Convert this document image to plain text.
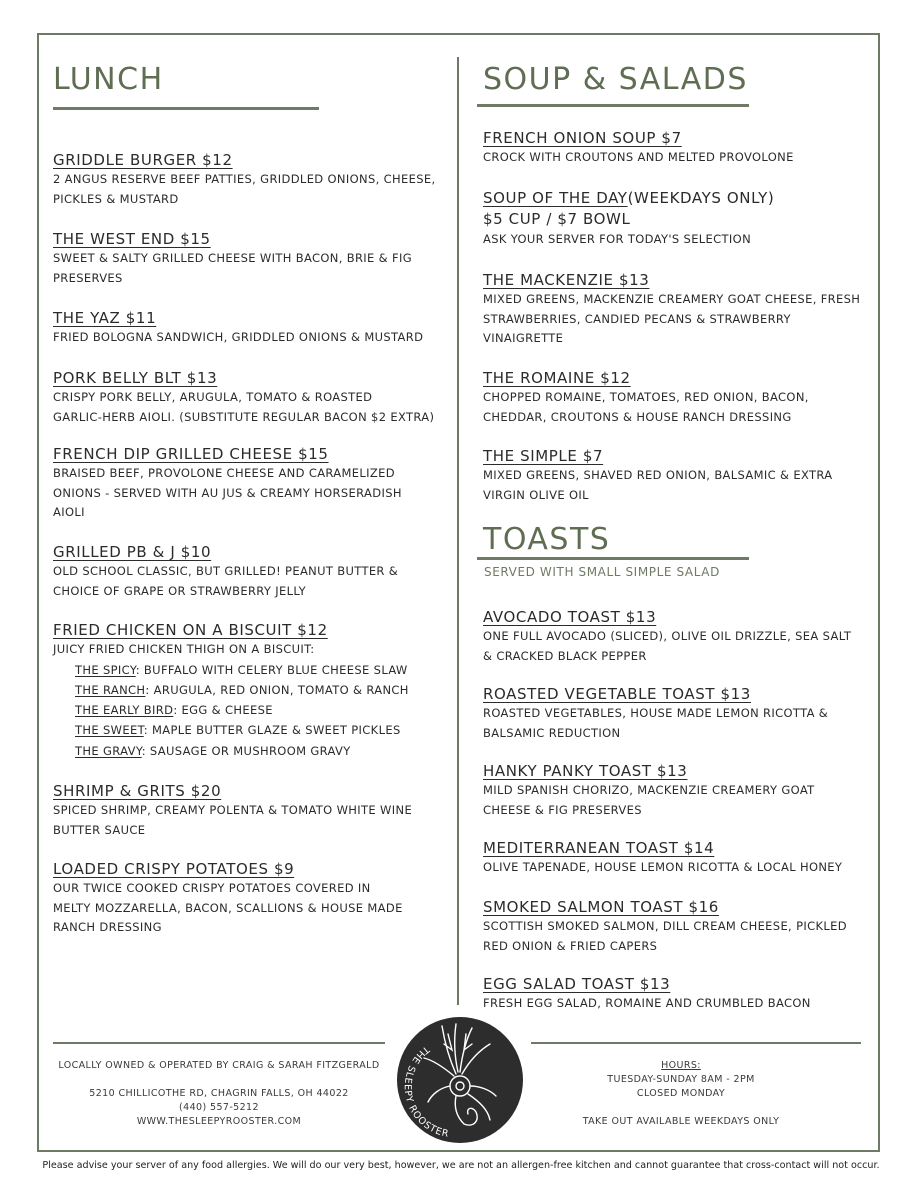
LUNCH
GRIDDLE BURGER $12
2 ANGUS RESERVE BEEF PATTIES, GRIDDLED ONIONS, CHEESE,
PICKLES & MUSTARD
THE WEST END $15
SWEET & SALTY GRILLED CHEESE WITH BACON, BRIE & FIG
PRESERVES
THE YAZ $11
FRIED BOLOGNA SANDWICH, GRIDDLED ONIONS & MUSTARD
PORK BELLY BLT $13
CRISPY PORK BELLY, ARUGULA, TOMATO & ROASTED
GARLIC-HERB AIOLI. (SUBSTITUTE REGULAR BACON $2 EXTRA)
FRENCH DIP GRILLED CHEESE $15
BRAISED BEEF, PROVOLONE CHEESE AND CARAMELIZED
ONIONS - SERVED WITH AU JUS & CREAMY HORSERADISH
AIOLI
GRILLED PB & J $10
OLD SCHOOL CLASSIC, BUT GRILLED! PEANUT BUTTER &
CHOICE OF GRAPE OR STRAWBERRY JELLY
FRIED CHICKEN ON A BISCUIT $12
JUICY FRIED CHICKEN THIGH ON A BISCUIT:
THE SPICY: BUFFALO WITH CELERY BLUE CHEESE SLAW
THE RANCH: ARUGULA, RED ONION, TOMATO & RANCH
THE EARLY BIRD: EGG & CHEESE
THE SWEET: MAPLE BUTTER GLAZE & SWEET PICKLES
THE GRAVY: SAUSAGE OR MUSHROOM GRAVY
SHRIMP & GRITS $20
SPICED SHRIMP, CREAMY POLENTA & TOMATO WHITE WINE
BUTTER SAUCE
LOADED CRISPY POTATOES $9
OUR TWICE COOKED CRISPY POTATOES COVERED IN
MELTY MOZZARELLA, BACON, SCALLIONS & HOUSE MADE
RANCH DRESSING
SOUP & SALADS
FRENCH ONION SOUP $7
CROCK WITH CROUTONS AND MELTED PROVOLONE
SOUP OF THE DAY(WEEKDAYS ONLY)
$5 CUP / $7 BOWL
ASK YOUR SERVER FOR TODAY'S SELECTION
THE MACKENZIE $13
MIXED GREENS, MACKENZIE CREAMERY GOAT CHEESE, FRESH
STRAWBERRIES, CANDIED PECANS & STRAWBERRY
VINAIGRETTE
THE ROMAINE $12
CHOPPED ROMAINE, TOMATOES, RED ONION, BACON,
CHEDDAR, CROUTONS & HOUSE RANCH DRESSING
THE SIMPLE $7
MIXED GREENS, SHAVED RED ONION, BALSAMIC & EXTRA
VIRGIN OLIVE OIL
TOASTS
SERVED WITH SMALL SIMPLE SALAD
AVOCADO TOAST $13
ONE FULL AVOCADO (SLICED), OLIVE OIL DRIZZLE, SEA SALT
& CRACKED BLACK PEPPER
ROASTED VEGETABLE TOAST $13
ROASTED VEGETABLES, HOUSE MADE LEMON RICOTTA &
BALSAMIC REDUCTION
HANKY PANKY TOAST $13
MILD SPANISH CHORIZO, MACKENZIE CREAMERY GOAT
CHEESE & FIG PRESERVES
MEDITERRANEAN TOAST $14
OLIVE TAPENADE, HOUSE LEMON RICOTTA & LOCAL HONEY
SMOKED SALMON TOAST $16
SCOTTISH SMOKED SALMON, DILL CREAM CHEESE, PICKLED
RED ONION & FRIED CAPERS
EGG SALAD TOAST $13
FRESH EGG SALAD, ROMAINE AND CRUMBLED BACON
LOCALLY OWNED & OPERATED BY CRAIG & SARAH FITZGERALD
5210 CHILLICOTHE RD, CHAGRIN FALLS, OH 44022
(440) 557-5212
WWW.THESLEEPYROOSTER.COM
HOURS:
TUESDAY-SUNDAY 8AM - 2PM
CLOSED MONDAY
TAKE OUT AVAILABLE WEEKDAYS ONLY
THE SLEEPY ROOSTER
Please advise your server of any food allergies. We will do our very best, however, we are not an allergen-free kitchen and cannot guarantee that cross-contact will not occur.
